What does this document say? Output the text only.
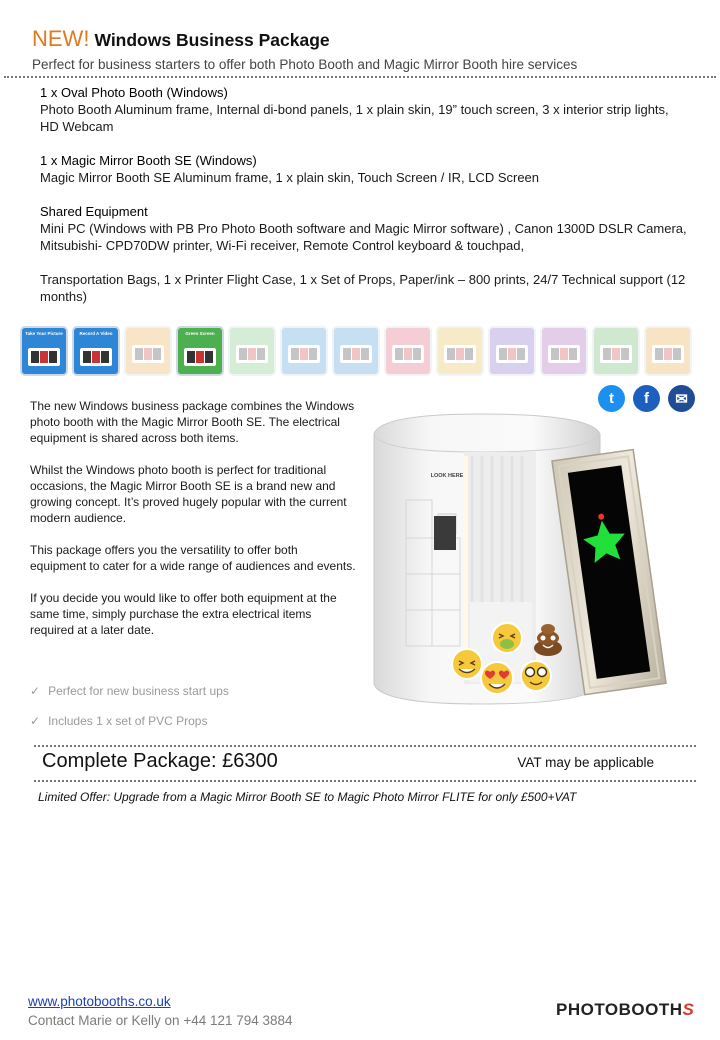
NEW! Windows Business Package
Perfect for business starters to offer both Photo Booth and Magic Mirror Booth hire services
1 x Oval Photo Booth (Windows)
Photo Booth Aluminum frame, Internal di-bond panels, 1 x plain skin, 19” touch screen, 3 x interior strip lights, HD Webcam
1 x Magic Mirror Booth SE (Windows)
Magic Mirror Booth SE Aluminum frame, 1 x plain skin, Touch Screen / IR, LCD Screen
Shared Equipment
Mini PC (Windows with PB Pro Photo Booth software and Magic Mirror software) , Canon 1300D DSLR Camera, Mitsubishi- CPD70DW printer, Wi-Fi receiver, Remote Control keyboard & touchpad,
Transportation Bags, 1 x Printer Flight Case, 1 x Set of Props, Paper/ink – 800 prints, 24/7 Technical support (12 months)
Take Your Picture	Record A Video	Green Screen
t	f	✉

The new Windows business package combines the Windows photo booth with the Magic Mirror Booth SE. The electrical equipment is shared across both items.

Whilst the Windows photo booth is perfect for traditional occasions, the Magic Mirror Booth SE is a brand new and growing concept. It’s proved hugely popular with the current modern audience.

This package offers you the versatility to offer both equipment to cater for a wide range of audiences and events.

If you decide you would like to offer both equipment at the same time, simply purchase the extra electrical items required at a later date.

✓ Perfect for new business start ups
✓ Includes 1 x set of PVC Props
LOOK HERE
Complete Package: £6300	VAT may be applicable
Limited Offer: Upgrade from a Magic Mirror Booth SE to Magic Photo Mirror FLITE for only £500+VAT
www.photobooths.co.uk
Contact Marie or Kelly on +44 121 794 3884
PHOTOBOOTHS
